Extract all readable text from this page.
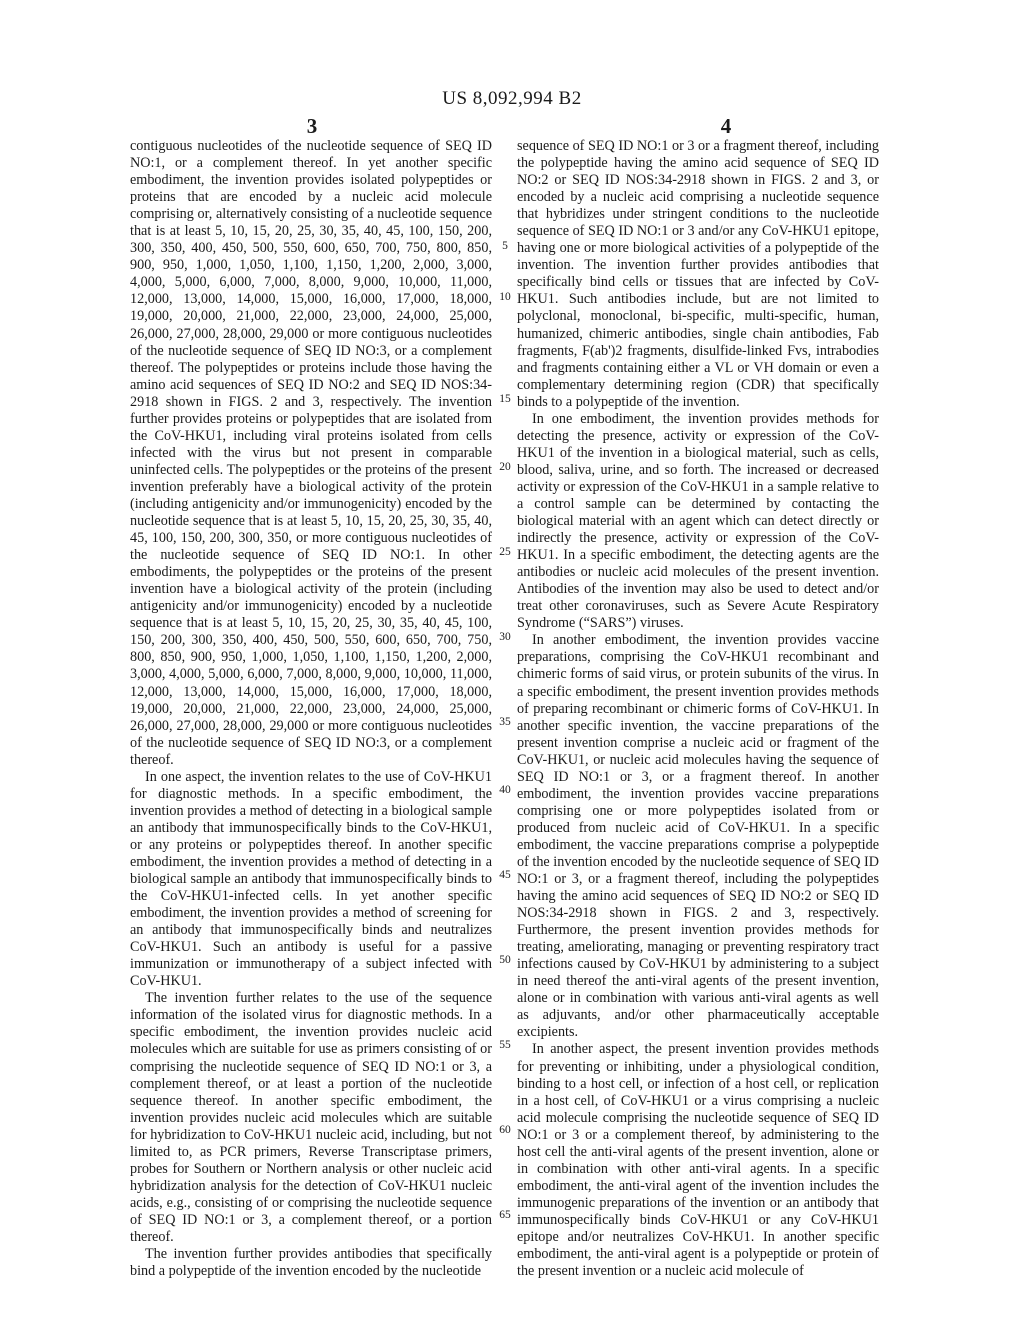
US 8,092,994 B2
3	4

contiguous nucleotides of the nucleotide sequence of SEQ ID NO:1, or a complement thereof. In yet another specific embodiment, the invention provides isolated polypeptides or proteins that are encoded by a nucleic acid molecule comprising or, alternatively consisting of a nucleotide sequence that is at least 5, 10, 15, 20, 25, 30, 35, 40, 45, 100, 150, 200, 300, 350, 400, 450, 500, 550, 600, 650, 700, 750, 800, 850, 900, 950, 1,000, 1,050, 1,100, 1,150, 1,200, 2,000, 3,000, 4,000, 5,000, 6,000, 7,000, 8,000, 9,000, 10,000, 11,000, 12,000, 13,000, 14,000, 15,000, 16,000, 17,000, 18,000, 19,000, 20,000, 21,000, 22,000, 23,000, 24,000, 25,000, 26,000, 27,000, 28,000, 29,000 or more contiguous nucleotides of the nucleotide sequence of SEQ ID NO:3, or a complement thereof. The polypeptides or proteins include those having the amino acid sequences of SEQ ID NO:2 and SEQ ID NOS:34-2918 shown in FIGS. 2 and 3, respectively. The invention further provides proteins or polypeptides that are isolated from the CoV-HKU1, including viral proteins isolated from cells infected with the virus but not present in comparable uninfected cells. The polypeptides or the proteins of the present invention preferably have a biological activity of the protein (including antigenicity and/or immunogenicity) encoded by the nucleotide sequence that is at least 5, 10, 15, 20, 25, 30, 35, 40, 45, 100, 150, 200, 300, 350, or more contiguous nucleotides of the nucleotide sequence of SEQ ID NO:1. In other embodiments, the polypeptides or the proteins of the present invention have a biological activity of the protein (including antigenicity and/or immunogenicity) encoded by a nucleotide sequence that is at least 5, 10, 15, 20, 25, 30, 35, 40, 45, 100, 150, 200, 300, 350, 400, 450, 500, 550, 600, 650, 700, 750, 800, 850, 900, 950, 1,000, 1,050, 1,100, 1,150, 1,200, 2,000, 3,000, 4,000, 5,000, 6,000, 7,000, 8,000, 9,000, 10,000, 11,000, 12,000, 13,000, 14,000, 15,000, 16,000, 17,000, 18,000, 19,000, 20,000, 21,000, 22,000, 23,000, 24,000, 25,000, 26,000, 27,000, 28,000, 29,000 or more contiguous nucleotides of the nucleotide sequence of SEQ ID NO:3, or a complement thereof.

In one aspect, the invention relates to the use of CoV-HKU1 for diagnostic methods. In a specific embodiment, the invention provides a method of detecting in a biological sample an antibody that immunospecifically binds to the CoV-HKU1, or any proteins or polypeptides thereof. In another specific embodiment, the invention provides a method of detecting in a biological sample an antibody that immunospecifically binds to the CoV-HKU1-infected cells. In yet another specific embodiment, the invention provides a method of screening for an antibody that immunospecifically binds and neutralizes CoV-HKU1. Such an antibody is useful for a passive immunization or immunotherapy of a subject infected with CoV-HKU1.

The invention further relates to the use of the sequence information of the isolated virus for diagnostic methods. In a specific embodiment, the invention provides nucleic acid molecules which are suitable for use as primers consisting of or comprising the nucleotide sequence of SEQ ID NO:1 or 3, a complement thereof, or at least a portion of the nucleotide sequence thereof. In another specific embodiment, the invention provides nucleic acid molecules which are suitable for hybridization to CoV-HKU1 nucleic acid, including, but not limited to, as PCR primers, Reverse Transcriptase primers, probes for Southern or Northern analysis or other nucleic acid hybridization analysis for the detection of CoV-HKU1 nucleic acids, e.g., consisting of or comprising the nucleotide sequence of SEQ ID NO:1 or 3, a complement thereof, or a portion thereof.

The invention further provides antibodies that specifically bind a polypeptide of the invention encoded by the nucleotide

5
10
15
20
25
30
35
40
45
50
55
60
65

sequence of SEQ ID NO:1 or 3 or a fragment thereof, including the polypeptide having the amino acid sequence of SEQ ID NO:2 or SEQ ID NOS:34-2918 shown in FIGS. 2 and 3, or encoded by a nucleic acid comprising a nucleotide sequence that hybridizes under stringent conditions to the nucleotide sequence of SEQ ID NO:1 or 3 and/or any CoV-HKU1 epitope, having one or more biological activities of a polypeptide of the invention. The invention further provides antibodies that specifically bind cells or tissues that are infected by CoV-HKU1. Such antibodies include, but are not limited to polyclonal, monoclonal, bi-specific, multi-specific, human, humanized, chimeric antibodies, single chain antibodies, Fab fragments, F(ab')2 fragments, disulfide-linked Fvs, intrabodies and fragments containing either a VL or VH domain or even a complementary determining region (CDR) that specifically binds to a polypeptide of the invention.

In one embodiment, the invention provides methods for detecting the presence, activity or expression of the CoV-HKU1 of the invention in a biological material, such as cells, blood, saliva, urine, and so forth. The increased or decreased activity or expression of the CoV-HKU1 in a sample relative to a control sample can be determined by contacting the biological material with an agent which can detect directly or indirectly the presence, activity or expression of the CoV-HKU1. In a specific embodiment, the detecting agents are the antibodies or nucleic acid molecules of the present invention. Antibodies of the invention may also be used to detect and/or treat other coronaviruses, such as Severe Acute Respiratory Syndrome (“SARS”) viruses.

In another embodiment, the invention provides vaccine preparations, comprising the CoV-HKU1 recombinant and chimeric forms of said virus, or protein subunits of the virus. In a specific embodiment, the present invention provides methods of preparing recombinant or chimeric forms of CoV-HKU1. In another specific invention, the vaccine preparations of the present invention comprise a nucleic acid or fragment of the CoV-HKU1, or nucleic acid molecules having the sequence of SEQ ID NO:1 or 3, or a fragment thereof. In another embodiment, the invention provides vaccine preparations comprising one or more polypeptides isolated from or produced from nucleic acid of CoV-HKU1. In a specific embodiment, the vaccine preparations comprise a polypeptide of the invention encoded by the nucleotide sequence of SEQ ID NO:1 or 3, or a fragment thereof, including the polypeptides having the amino acid sequences of SEQ ID NO:2 or SEQ ID NOS:34-2918 shown in FIGS. 2 and 3, respectively. Furthermore, the present invention provides methods for treating, ameliorating, managing or preventing respiratory tract infections caused by CoV-HKU1 by administering to a subject in need thereof the anti-viral agents of the present invention, alone or in combination with various anti-viral agents as well as adjuvants, and/or other pharmaceutically acceptable excipients.

In another aspect, the present invention provides methods for preventing or inhibiting, under a physiological condition, binding to a host cell, or infection of a host cell, or replication in a host cell, of CoV-HKU1 or a virus comprising a nucleic acid molecule comprising the nucleotide sequence of SEQ ID NO:1 or 3 or a complement thereof, by administering to the host cell the anti-viral agents of the present invention, alone or in combination with other anti-viral agents. In a specific embodiment, the anti-viral agent of the invention includes the immunogenic preparations of the invention or an antibody that immunospecifically binds CoV-HKU1 or any CoV-HKU1 epitope and/or neutralizes CoV-HKU1. In another specific embodiment, the anti-viral agent is a polypeptide or protein of the present invention or a nucleic acid molecule of
